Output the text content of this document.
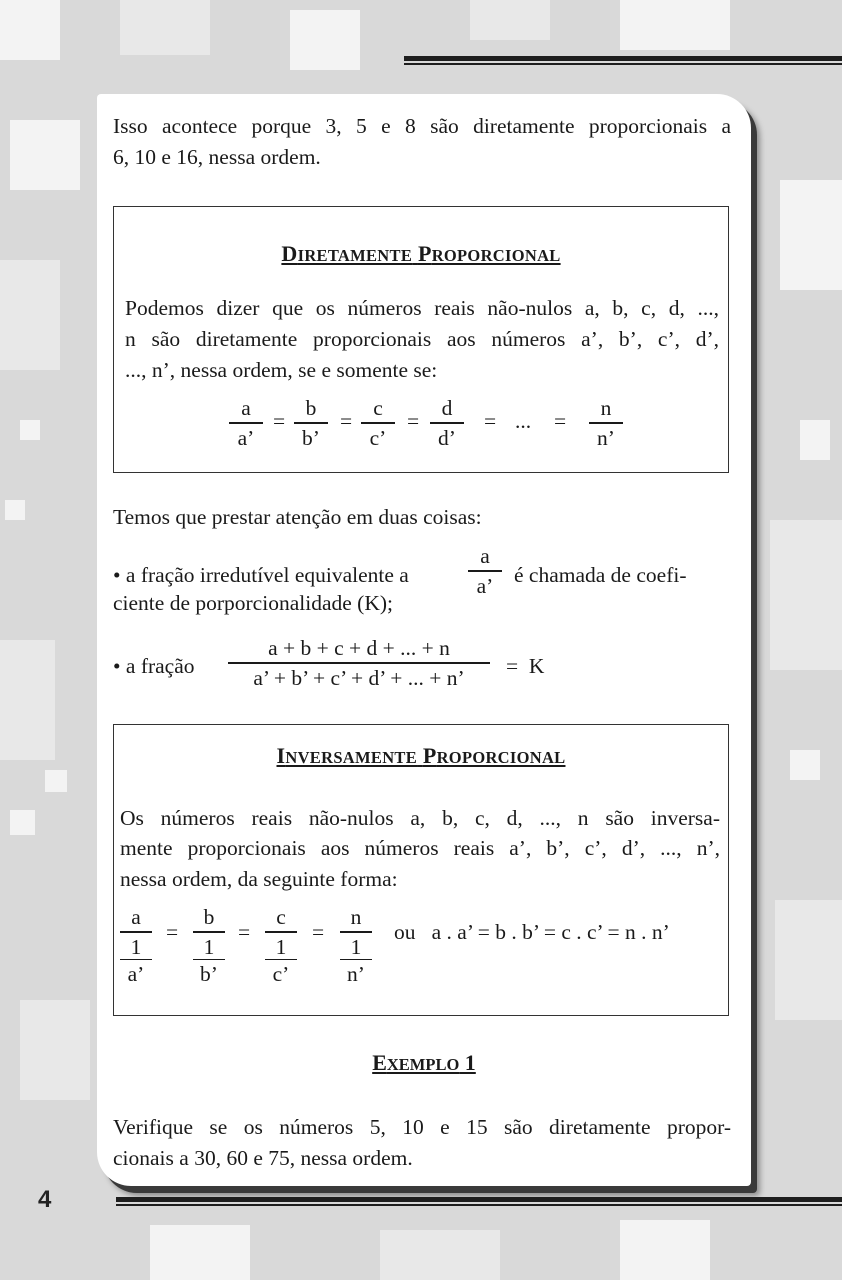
Isso acontece porque 3, 5 e 8 são diretamente proporcionais a
6, 10 e 16, nessa ordem.
DIRETAMENTE PROPORCIONAL
Podemos dizer que os números reais não-nulos a, b, c, d, ...,
n são diretamente proporcionais aos números a’, b’, c’, d’,
..., n’, nessa ordem, se e somente se:
a
a’
=
b
b’
=
c
c’
=
d
d’
= ... =
n
n’
Temos que prestar atenção em duas coisas:
• a fração irredutível equivalente a
a
a’ é chamada de coefi-
ciente de porporcionalidade (K);
• a fração
a + b + c + d + ... + n
a’ + b’ + c’ + d’ + ... + n’	=  K
INVERSAMENTE PROPORCIONAL
Os números reais não-nulos a, b, c, d, ..., n são inversa-
mente proporcionais aos números reais a’, b’, c’, d’, ..., n’,
nessa ordem, da seguinte forma:
a
1
a’
=
b
1
b’
=
c
1
c’
=
n
1
n’
ou   a . a’ = b . b’ = c . c’ = n . n’
EXEMPLO 1
Verifique se os números 5, 10 e 15 são diretamente propor-
cionais a 30, 60 e 75, nessa ordem.
4
